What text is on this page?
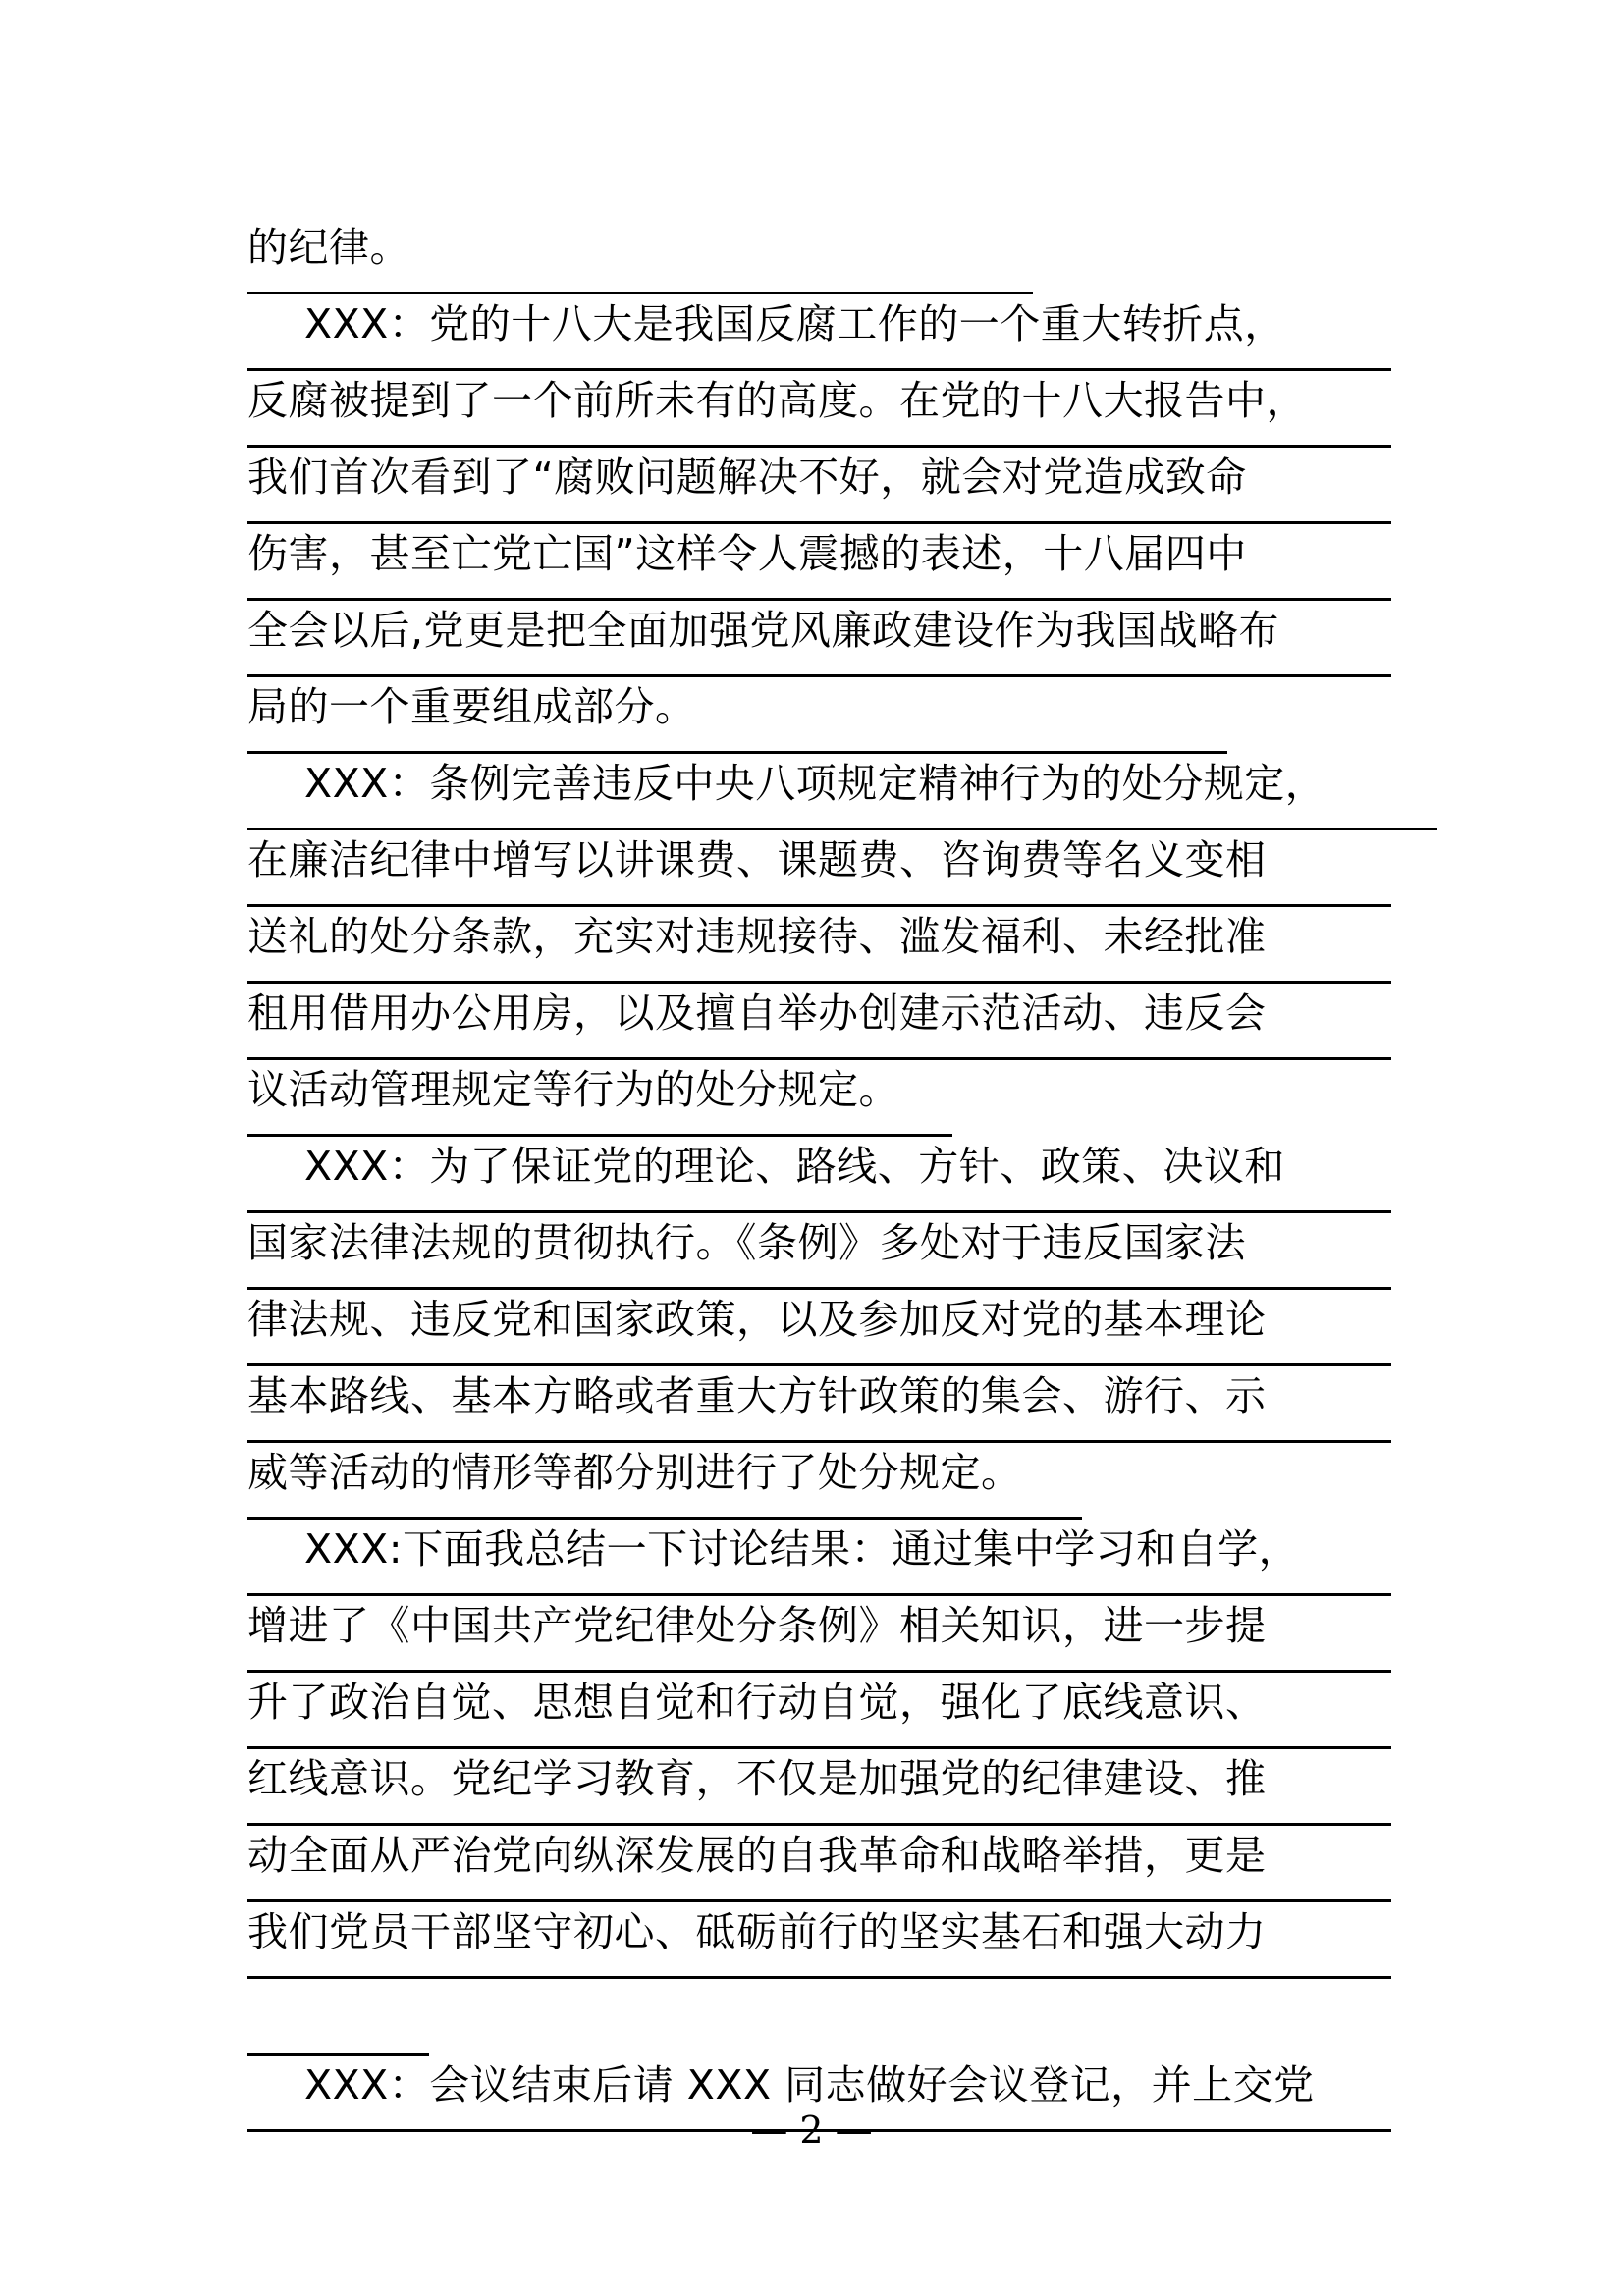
的纪律。
XXX：党的十八大是我国反腐工作的一个重大转折点，
反腐被提到了一个前所未有的高度。在党的十八大报告中，
我们首次看到了“腐败问题解决不好，就会对党造成致命
伤害，甚至亡党亡国”这样令人震撼的表述，十八届四中
全会以后,党更是把全面加强党风廉政建设作为我国战略布
局的一个重要组成部分。
XXX：条例完善违反中央八项规定精神行为的处分规定，
在廉洁纪律中增写以讲课费、课题费、咨询费等名义变相
送礼的处分条款，充实对违规接待、滥发福利、未经批准
租用借用办公用房，以及擅自举办创建示范活动、违反会
议活动管理规定等行为的处分规定。
XXX：为了保证党的理论、路线、方针、政策、决议和
国家法律法规的贯彻执行。《条例》多处对于违反国家法
律法规、违反党和国家政策，以及参加反对党的基本理论
基本路线、基本方略或者重大方针政策的集会、游行、示
威等活动的情形等都分别进行了处分规定。
XXX:下面我总结一下讨论结果：通过集中学习和自学，
增进了《中国共产党纪律处分条例》相关知识，进一步提
升了政治自觉、思想自觉和行动自觉，强化了底线意识、
红线意识。党纪学习教育，不仅是加强党的纪律建设、推
动全面从严治党向纵深发展的自我革命和战略举措，更是
我们党员干部坚守初心、砥砺前行的坚实基石和强大动力
XXX：会议结束后请 XXX 同志做好会议登记，并上交党
— 2 —
